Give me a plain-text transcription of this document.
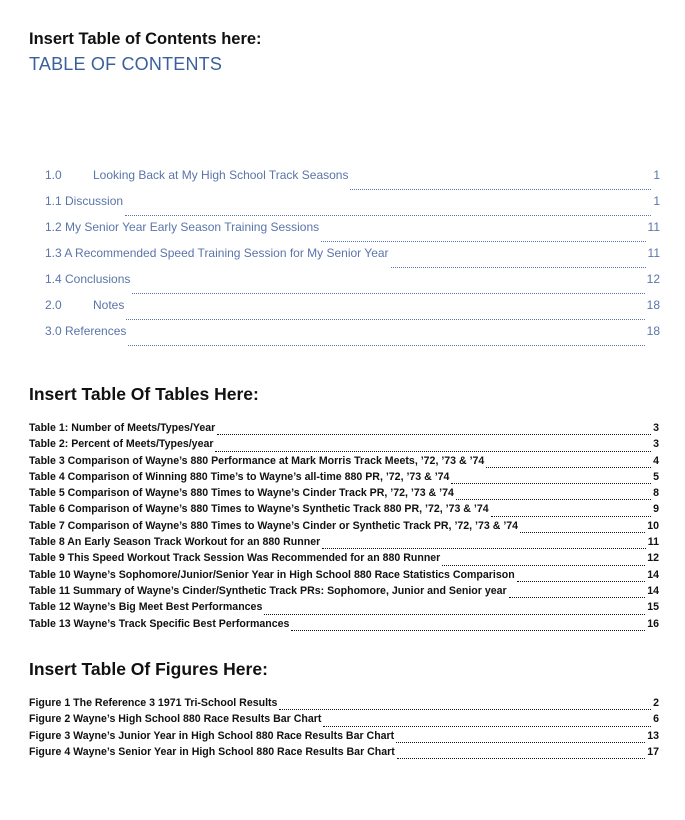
Insert Table of Contents here:
TABLE OF CONTENTS
1.0	Looking Back at My High School Track Seasons	1
1.1 Discussion	1
1.2 My Senior Year Early Season Training Sessions	11
1.3 A Recommended Speed Training Session for My Senior Year	11
1.4 Conclusions	12
2.0	Notes	18
3.0 References	18
Insert Table Of Tables Here:
Table 1: Number of Meets/Types/Year	3
Table 2: Percent of Meets/Types/year	3
Table 3 Comparison of Wayne’s 880 Performance at Mark Morris Track Meets, ’72, ’73 & ’74	4
Table 4 Comparison of Winning 880 Time’s to Wayne’s all-time 880 PR, ’72, ’73 & ’74	5
Table 5 Comparison of Wayne’s 880 Times to Wayne’s Cinder Track PR, ’72, ’73 & ’74	8
Table 6 Comparison of Wayne’s 880 Times to Wayne’s Synthetic Track 880 PR, ’72, ’73 & ’74	9
Table 7 Comparison of Wayne’s 880 Times to Wayne’s Cinder or Synthetic Track PR, ’72, ’73 & ’74	10
Table 8 An Early Season Track Workout for an 880 Runner	11
Table 9 This Speed Workout Track Session Was Recommended for an 880 Runner	12
Table 10 Wayne’s Sophomore/Junior/Senior Year in High School 880 Race Statistics Comparison	14
Table 11 Summary of Wayne’s Cinder/Synthetic Track PRs: Sophomore, Junior and Senior year	14
Table 12 Wayne’s Big Meet Best Performances	15
Table 13 Wayne’s Track Specific Best Performances	16
Insert Table Of Figures Here:
Figure 1 The Reference 3 1971 Tri-School Results	2
Figure 2 Wayne’s High School 880 Race Results Bar Chart	6
Figure 3 Wayne’s Junior Year in High School 880 Race Results Bar Chart	13
Figure 4 Wayne’s Senior Year in High School 880 Race Results Bar Chart	17
